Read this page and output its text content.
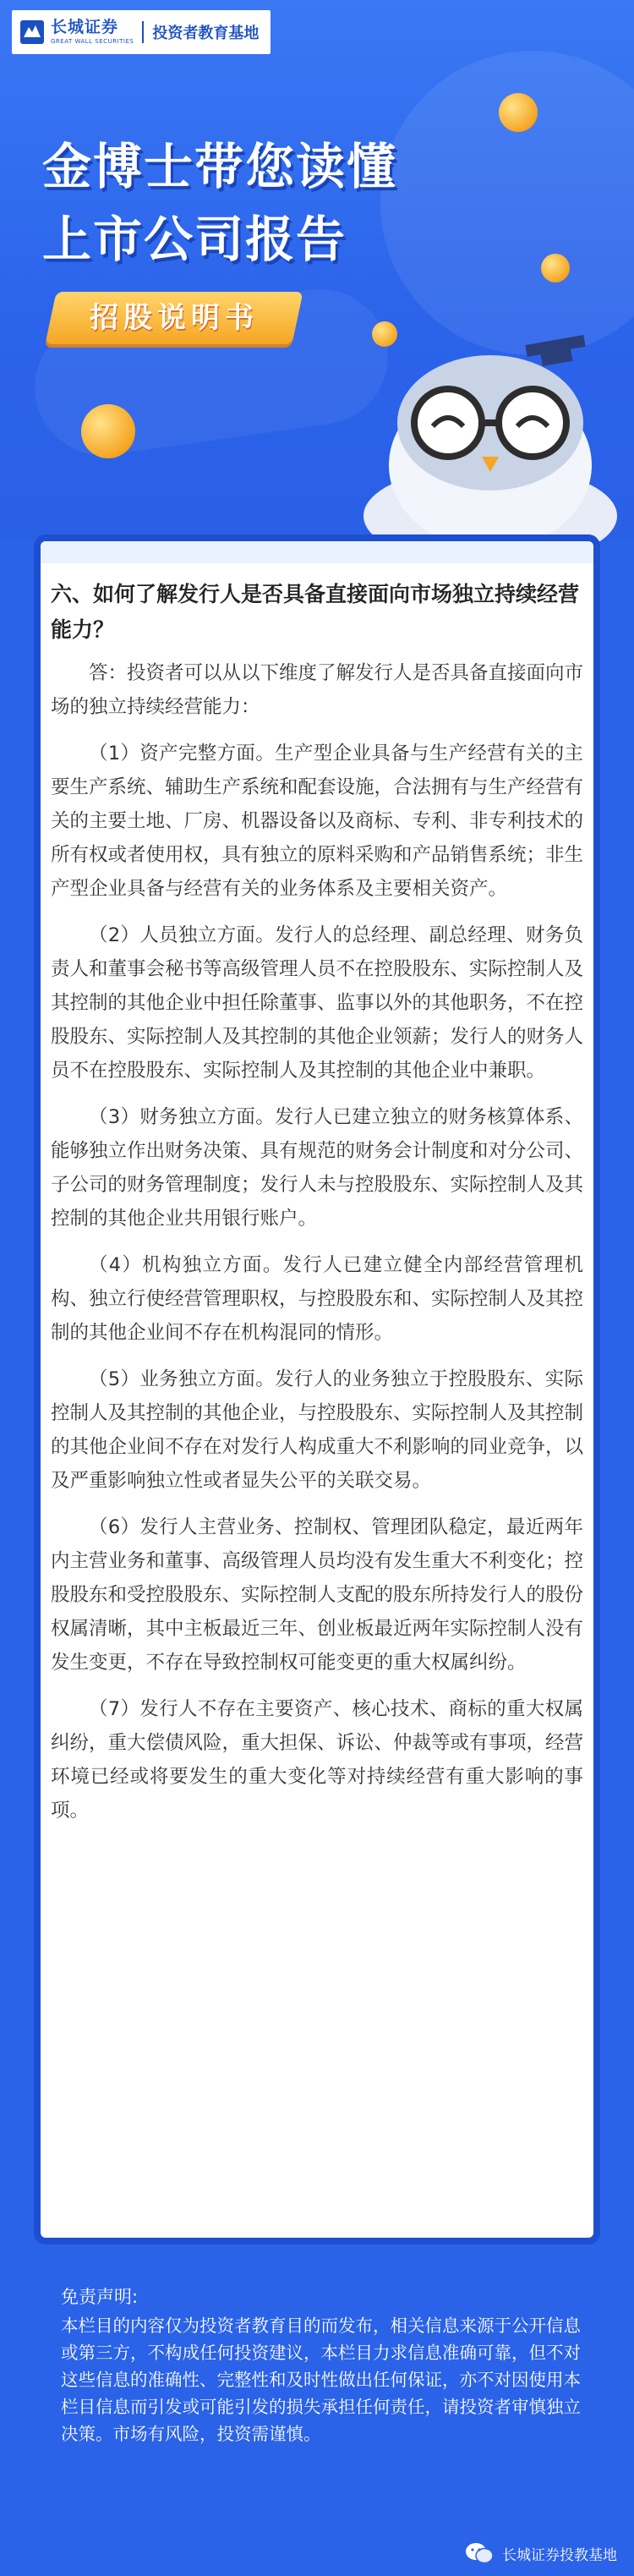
长城证券
GREAT WALL SECURITIES 投资者教育基地
金博士带您读懂
上市公司报告
招股说明书

六、如何了解发行人是否具备直接面向市场独立持续经营能力？

答：投资者可以从以下维度了解发行人是否具备直接面向市场的独立持续经营能力：

（1）资产完整方面。生产型企业具备与生产经营有关的主要生产系统、辅助生产系统和配套设施，合法拥有与生产经营有关的主要土地、厂房、机器设备以及商标、专利、非专利技术的所有权或者使用权，具有独立的原料采购和产品销售系统；非生产型企业具备与经营有关的业务体系及主要相关资产。

（2）人员独立方面。发行人的总经理、副总经理、财务负责人和董事会秘书等高级管理人员不在控股股东、实际控制人及其控制的其他企业中担任除董事、监事以外的其他职务，不在控股股东、实际控制人及其控制的其他企业领薪；发行人的财务人员不在控股股东、实际控制人及其控制的其他企业中兼职。

（3）财务独立方面。发行人已建立独立的财务核算体系、能够独立作出财务决策、具有规范的财务会计制度和对分公司、子公司的财务管理制度；发行人未与控股股东、实际控制人及其控制的其他企业共用银行账户。

（4）机构独立方面。发行人已建立健全内部经营管理机构、独立行使经营管理职权，与控股股东和、实际控制人及其控制的其他企业间不存在机构混同的情形。

（5）业务独立方面。发行人的业务独立于控股股东、实际控制人及其控制的其他企业，与控股股东、实际控制人及其控制的其他企业间不存在对发行人构成重大不利影响的同业竞争，以及严重影响独立性或者显失公平的关联交易。

（6）发行人主营业务、控制权、管理团队稳定，最近两年内主营业务和董事、高级管理人员均没有发生重大不利变化；控股股东和受控股股东、实际控制人支配的股东所持发行人的股份权属清晰，其中主板最近三年、创业板最近两年实际控制人没有发生变更，不存在导致控制权可能变更的重大权属纠纷。

（7）发行人不存在主要资产、核心技术、商标的重大权属纠纷，重大偿债风险，重大担保、诉讼、仲裁等或有事项，经营环境已经或将要发生的重大变化等对持续经营有重大影响的事项。

免责声明:
本栏目的内容仅为投资者教育目的而发布，相关信息来源于公开信息或第三方，不构成任何投资建议，本栏目力求信息准确可靠，但不对这些信息的准确性、完整性和及时性做出任何保证，亦不对因使用本栏目信息而引发或可能引发的损失承担任何责任，请投资者审慎独立决策。市场有风险，投资需谨慎。
长城证券投教基地
